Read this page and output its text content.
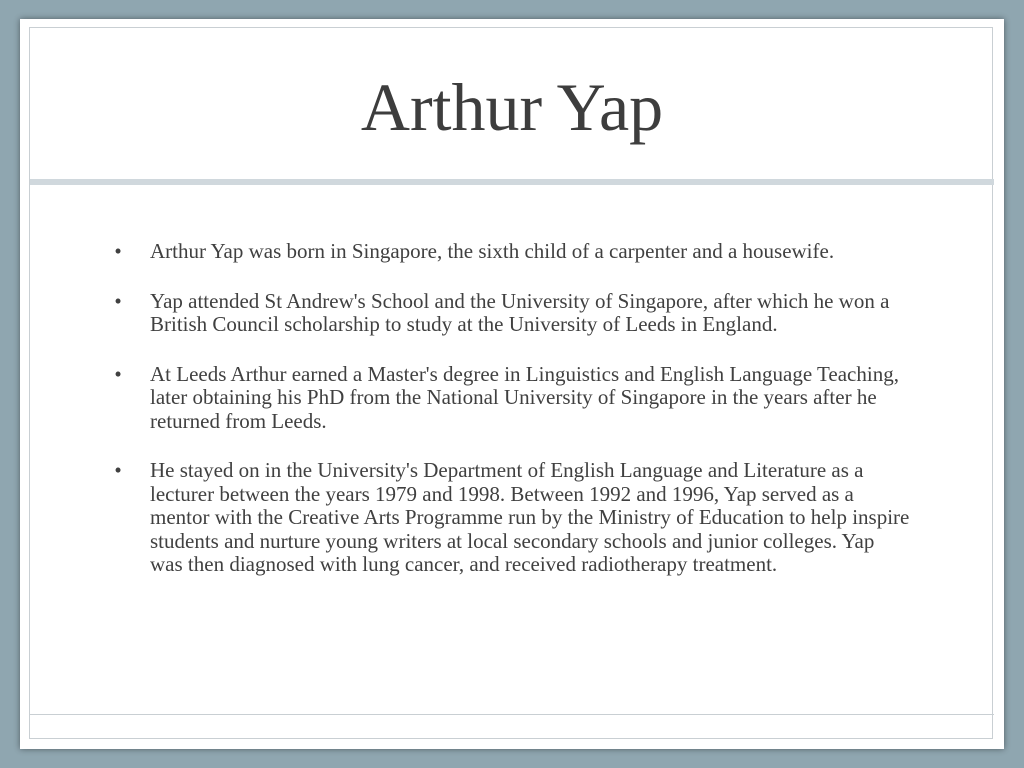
Arthur Yap
• Arthur Yap was born in Singapore, the sixth child of a carpenter and a housewife.
• Yap attended St Andrew's School and the University of Singapore, after which he won a British Council scholarship to study at the University of Leeds in England.
• At Leeds Arthur earned a Master's degree in Linguistics and English Language Teaching, later obtaining his PhD from the National University of Singapore in the years after he returned from Leeds.
• He stayed on in the University's Department of English Language and Literature as a lecturer between the years 1979 and 1998. Between 1992 and 1996, Yap served as a mentor with the Creative Arts Programme run by the Ministry of Education to help inspire students and nurture young writers at local secondary schools and junior colleges. Yap was then diagnosed with lung cancer, and received radiotherapy treatment.
